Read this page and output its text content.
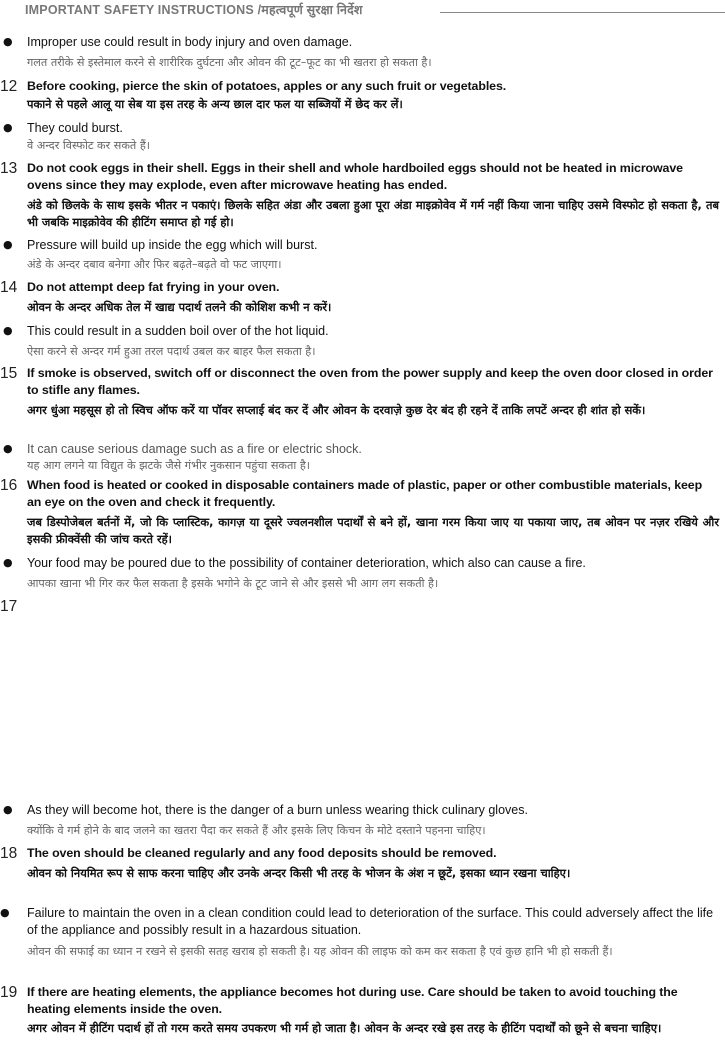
IMPORTANT SAFETY INSTRUCTIONS /महत्वपूर्ण सुरक्षा निर्देश
● Improper use could result in body injury and oven damage.
गलत तरीके से इस्तेमाल करने से शारीरिक दुर्घटना और ओवन की टूट–फूट का भी खतरा हो सकता है।
12 Before cooking, pierce the skin of potatoes, apples or any such fruit or vegetables.
पकाने से पहले आलू या सेब या इस तरह के अन्य छाल दार फल या सब्जियों में छेद कर लें।
● They could burst.
वे अन्दर विस्फोट कर सकते हैं।
13 Do not cook eggs in their shell. Eggs in their shell and whole hardboiled eggs should not be heated in microwave ovens since they may explode, even after microwave heating has ended.
अंडे को छिलके के साथ इसके भीतर न पकाएं। छिलके सहित अंडा और उबला हुआ पूरा अंडा माइक्रोवेव में गर्म नहीं किया जाना चाहिए उसमे विस्फोट हो सकता है, तब भी जबकि माइक्रोवेव की हीटिंग समाप्त हो गई हो।
● Pressure will build up inside the egg which will burst.
अंडे के अन्दर दबाव बनेगा और फिर बढ़ते–बढ़ते वो फट जाएगा।
14 Do not attempt deep fat frying in your oven.
ओवन के अन्दर अधिक तेल में खाद्य पदार्थ तलने की कोशिश कभी न करें।
● This could result in a sudden boil over of the hot liquid.
ऐसा करने से अन्दर गर्म हुआ तरल पदार्थ उबल कर बाहर फैल सकता है।
15 If smoke is observed, switch off or disconnect the oven from the power supply and keep the oven door closed in order to stifle any flames.
अगर धुंआ महसूस हो तो स्विच ऑफ करें या पॉवर सप्लाई बंद कर दें और ओवन के दरवाज़े कुछ देर बंद ही रहने दें ताकि लपटें अन्दर ही शांत हो सकें।
● It can cause serious damage such as a fire or electric shock.
यह आग लगने या विद्युत के झटके जैसे गंभीर नुकसान पहुंचा सकता है।
16 When food is heated or cooked in disposable containers made of plastic, paper or other combustible materials, keep an eye on the oven and check it frequently.
जब डिस्पोजेबल बर्तनों में, जो कि प्लास्टिक, कागज़ या दूसरे ज्वलनशील पदार्थों से बने हों, खाना गरम किया जाए या पकाया जाए, तब ओवन पर नज़र रखिये और इसकी फ्रीक्वेंसी की जांच करते रहें।
● Your food may be poured due to the possibility of container deterioration, which also can cause a fire.
आपका खाना भी गिर कर फैल सकता है इसके भगोने के टूट जाने से और इससे भी आग लग सकती है।
17
● As they will become hot, there is the danger of a burn unless wearing thick culinary gloves.
क्योंकि वे गर्म होने के बाद जलने का खतरा पैदा कर सकते हैं और इसके लिए किचन के मोटे दस्ताने पहनना चाहिए।
18 The oven should be cleaned regularly and any food deposits should be removed.
ओवन को नियमित रूप से साफ करना चाहिए और उनके अन्दर किसी भी तरह के भोजन के अंश न छूटें, इसका ध्यान रखना चाहिए।
● Failure to maintain the oven in a clean condition could lead to deterioration of the surface. This could adversely affect the life of the appliance and possibly result in a hazardous situation.
ओवन की सफाई का ध्यान न रखने से इसकी सतह खराब हो सकती है। यह ओवन की लाइफ को कम कर सकता है एवं कुछ हानि भी हो सकती हैं।
19 If there are heating elements, the appliance becomes hot during use. Care should be taken to avoid touching the heating elements inside the oven.
अगर ओवन में हीटिंग पदार्थ हों तो गरम करते समय उपकरण भी गर्म हो जाता है। ओवन के अन्दर रखे इस तरह के हीटिंग पदार्थों को छूने से बचना चाहिए।
